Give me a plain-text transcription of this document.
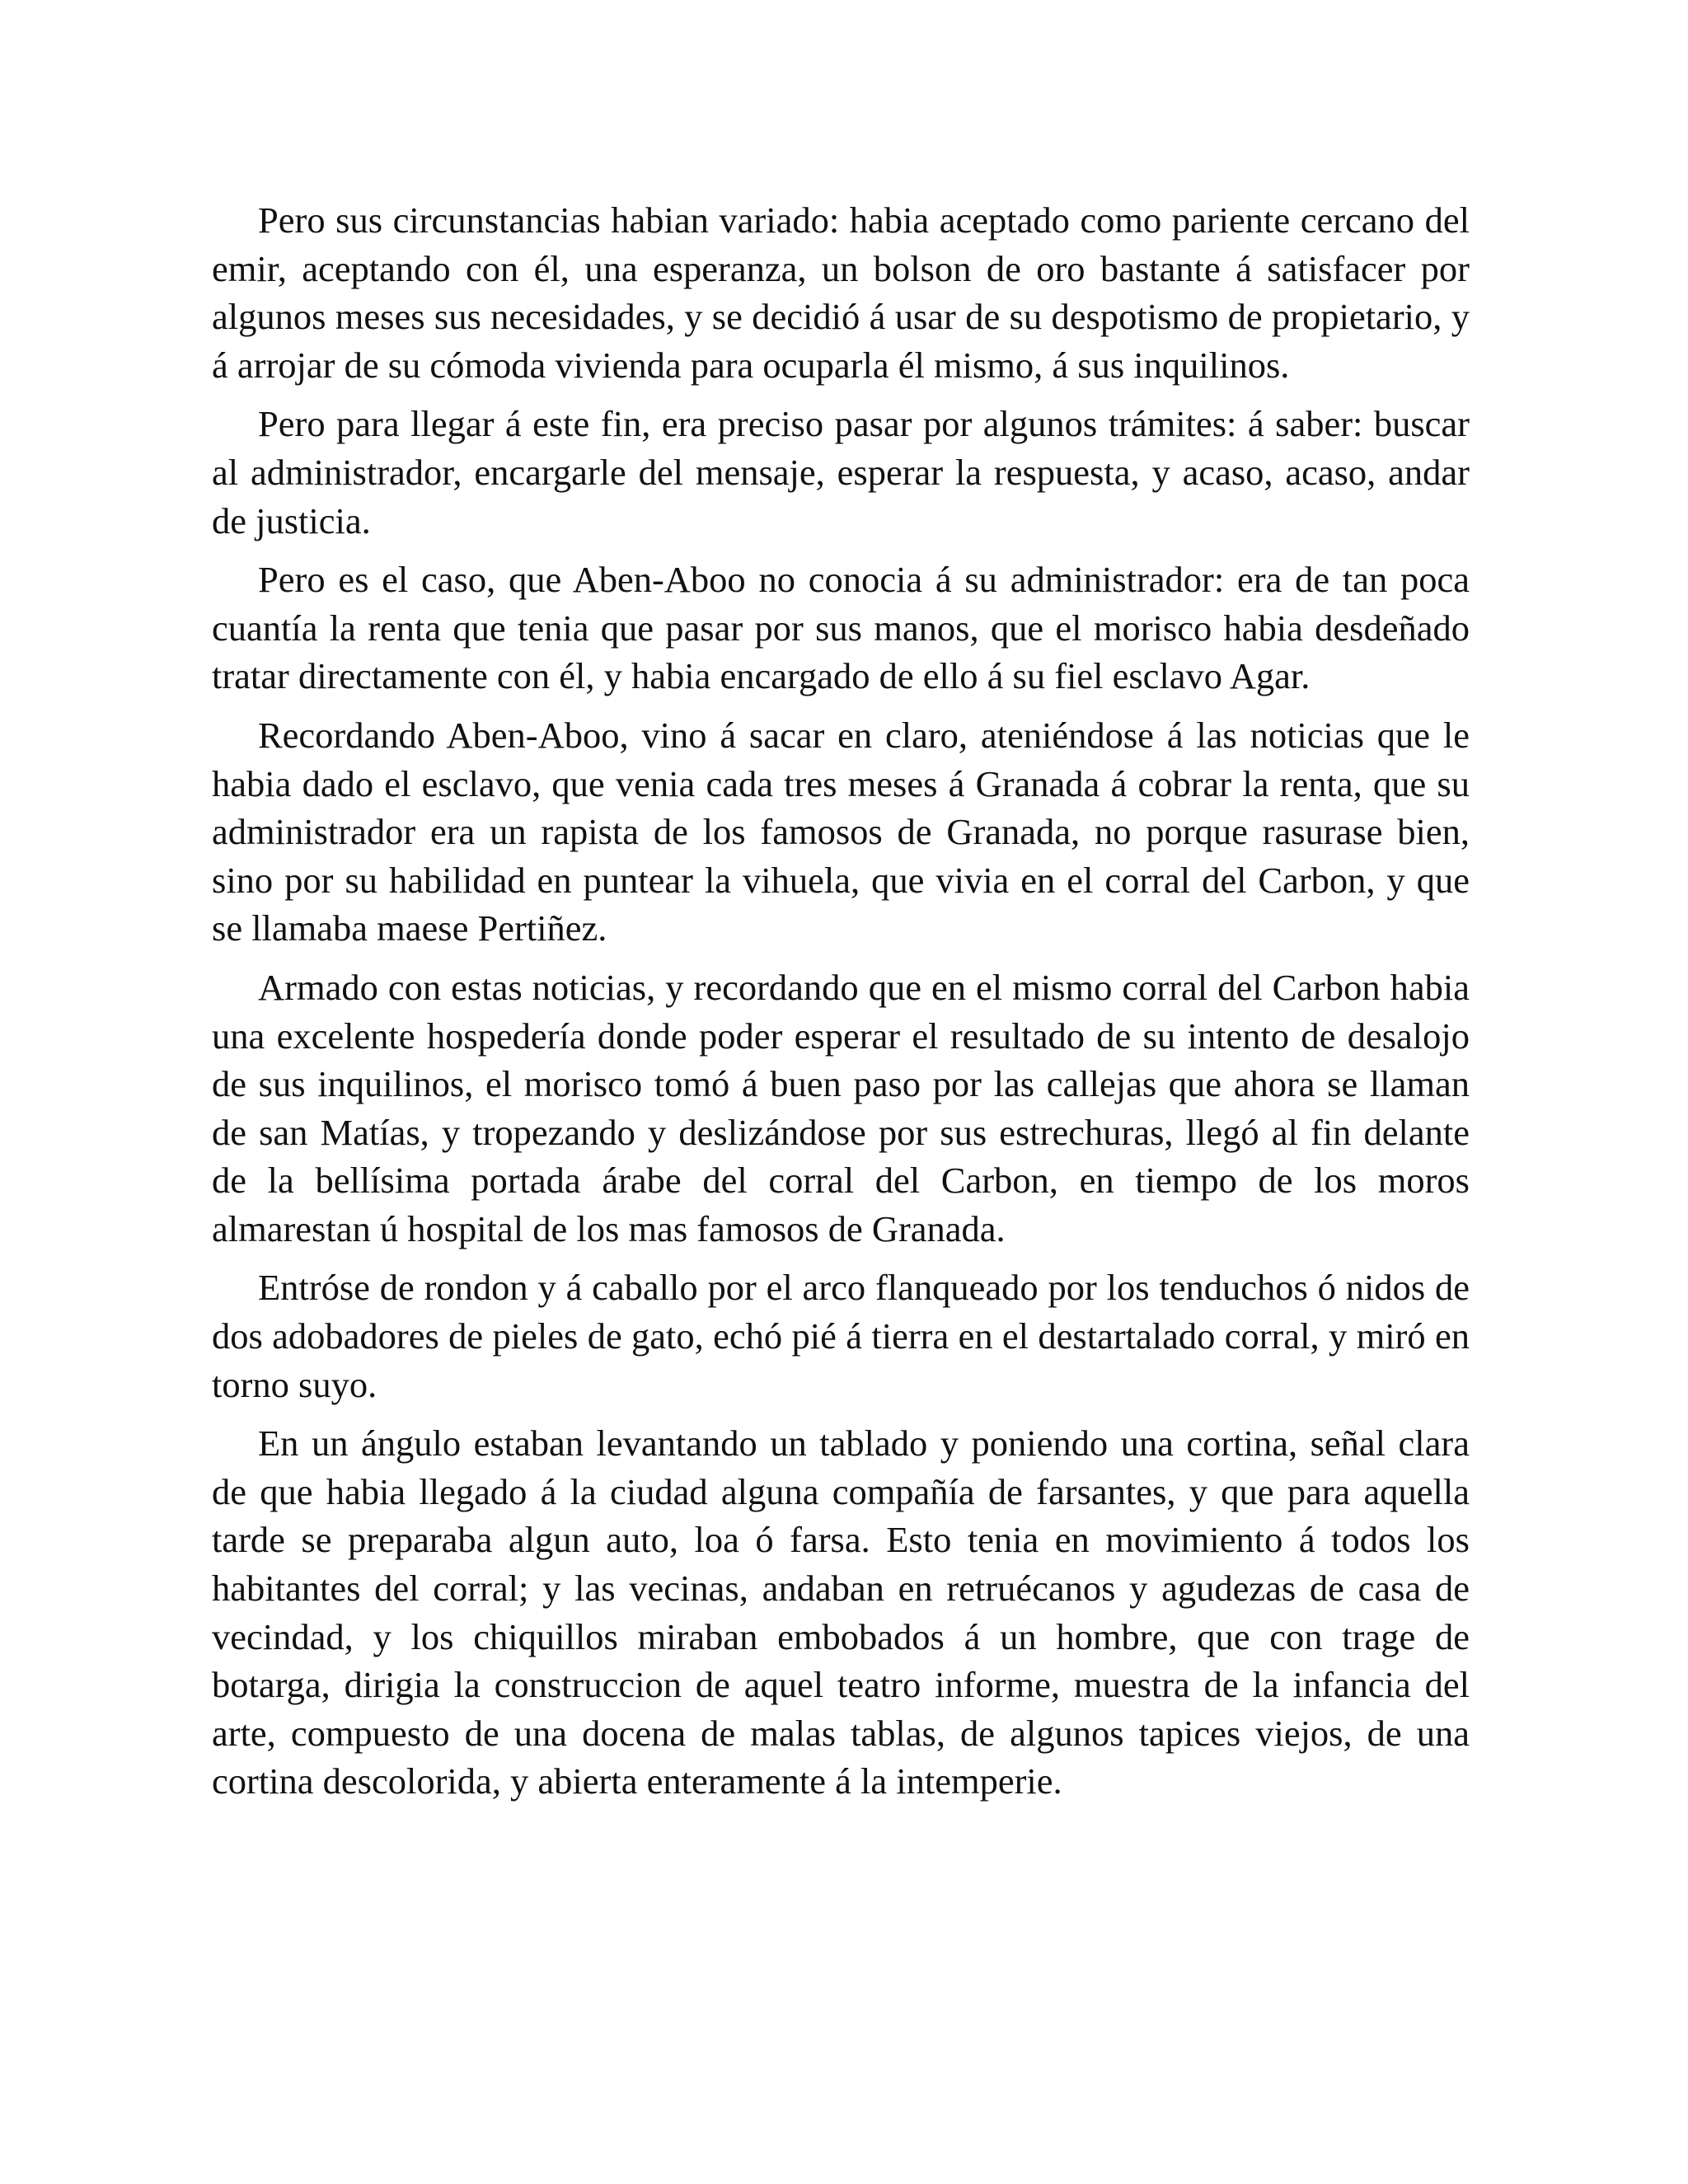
Pero sus circunstancias habian variado: habia aceptado como pariente cercano del emir, aceptando con él, una esperanza, un bolson de oro bastante á satisfacer por algunos meses sus necesidades, y se decidió á usar de su despotismo de propietario, y á arrojar de su cómoda vivienda para ocuparla él mismo, á sus inquilinos.

Pero para llegar á este fin, era preciso pasar por algunos trámites: á saber: buscar al administrador, encargarle del mensaje, esperar la respuesta, y acaso, acaso, andar de justicia.

Pero es el caso, que Aben-Aboo no conocia á su administrador: era de tan poca cuantía la renta que tenia que pasar por sus manos, que el morisco habia desdeñado tratar directamente con él, y habia encargado de ello á su fiel esclavo Agar.

Recordando Aben-Aboo, vino á sacar en claro, ateniéndose á las noticias que le habia dado el esclavo, que venia cada tres meses á Granada á cobrar la renta, que su administrador era un rapista de los famosos de Granada, no porque rasurase bien, sino por su habilidad en puntear la vihuela, que vivia en el corral del Carbon, y que se llamaba maese Pertiñez.

Armado con estas noticias, y recordando que en el mismo corral del Carbon habia una excelente hospedería donde poder esperar el resultado de su intento de desalojo de sus inquilinos, el morisco tomó á buen paso por las callejas que ahora se llaman de san Matías, y tropezando y deslizándose por sus estrechuras, llegó al fin delante de la bellísima portada árabe del corral del Carbon, en tiempo de los moros almarestan ú hospital de los mas famosos de Granada.

Entróse de rondon y á caballo por el arco flanqueado por los tenduchos ó nidos de dos adobadores de pieles de gato, echó pié á tierra en el destartalado corral, y miró en torno suyo.

En un ángulo estaban levantando un tablado y poniendo una cortina, señal clara de que habia llegado á la ciudad alguna compañía de farsantes, y que para aquella tarde se preparaba algun auto, loa ó farsa. Esto tenia en movimiento á todos los habitantes del corral; y las vecinas, andaban en retruécanos y agudezas de casa de vecindad, y los chiquillos miraban embobados á un hombre, que con trage de botarga, dirigia la construccion de aquel teatro informe, muestra de la infancia del arte, compuesto de una docena de malas tablas, de algunos tapices viejos, de una cortina descolorida, y abierta enteramente á la intemperie.
